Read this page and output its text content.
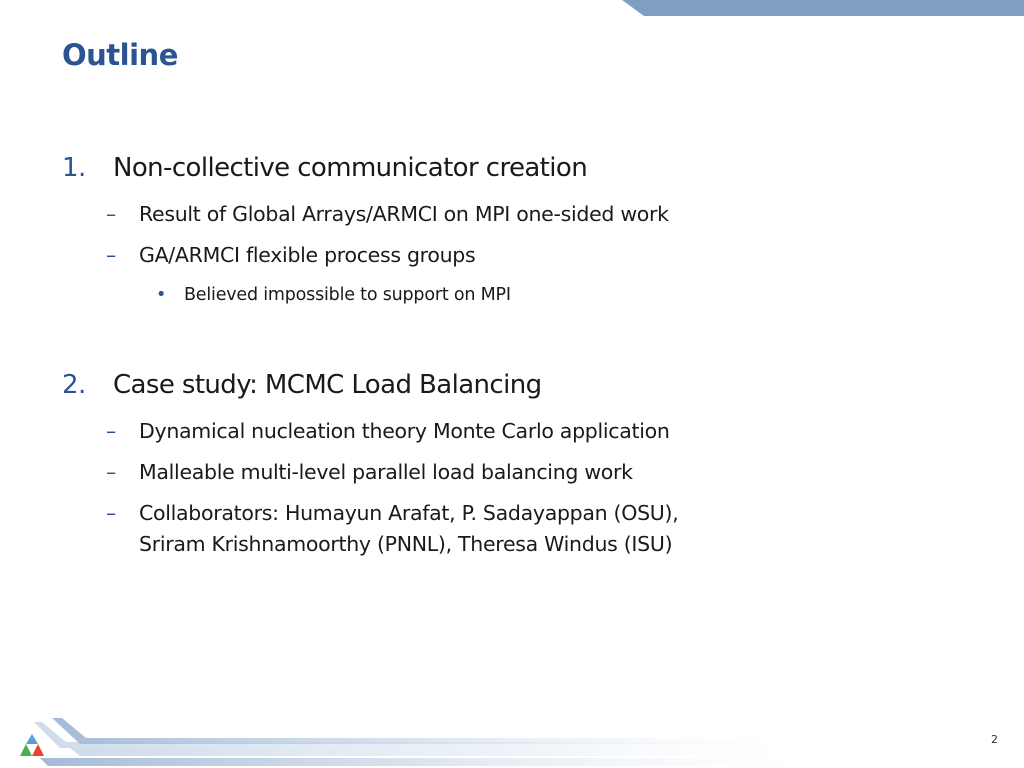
Outline
1. Non-collective communicator creation
– Result of Global Arrays/ARMCI on MPI one-sided work
– GA/ARMCI flexible process groups
• Believed impossible to support on MPI
2. Case study: MCMC Load Balancing
– Dynamical nucleation theory Monte Carlo application
– Malleable multi-level parallel load balancing work
– Collaborators: Humayun Arafat, P. Sadayappan (OSU),
Sriram Krishnamoorthy (PNNL), Theresa Windus (ISU)
2
